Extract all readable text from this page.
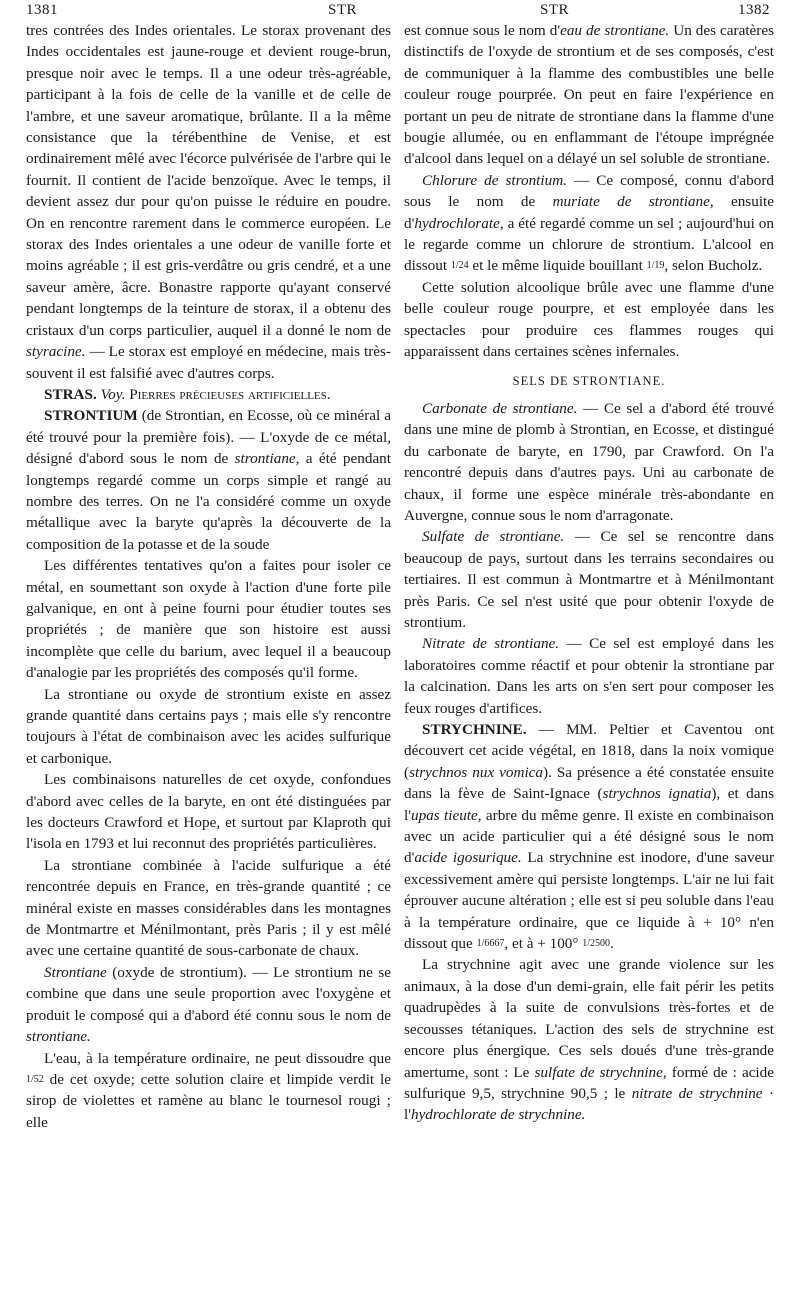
1381	STR	STR	1382

tres contrées des Indes orientales. Le storax provenant des Indes occidentales est jaune-rouge et devient rouge-brun, presque noir avec le temps. Il a une odeur très-agréable, participant à la fois de celle de la vanille et de celle de l'ambre, et une saveur aromatique, brûlante. Il a la même consistance que la térébenthine de Venise, et est ordinairement mêlé avec l'écorce pulvérisée de l'arbre qui le fournit. Il contient de l'acide benzoïque. Avec le temps, il devient assez dur pour qu'on puisse le réduire en poudre. On en rencontre rarement dans le commerce européen. Le storax des Indes orientales a une odeur de vanille forte et moins agréable ; il est gris-verdâtre ou gris cendré, et a une saveur amère, âcre. Bonastre rapporte qu'ayant conservé pendant longtemps de la teinture de storax, il a obtenu des cristaux d'un corps particulier, auquel il a donné le nom de styracine. — Le storax est employé en médecine, mais très-souvent il est falsifié avec d'autres corps.

STRAS. Voy. Pierres précieuses artificielles.

STRONTIUM (de Strontian, en Ecosse, où ce minéral a été trouvé pour la première fois). — L'oxyde de ce métal, désigné d'abord sous le nom de strontiane, a été pendant longtemps regardé comme un corps simple et rangé au nombre des terres. On ne l'a considéré comme un oxyde métallique avec la baryte qu'après la découverte de la composition de la potasse et de la soude

Les différentes tentatives qu'on a faites pour isoler ce métal, en soumettant son oxyde à l'action d'une forte pile galvanique, en ont à peine fourni pour étudier toutes ses propriétés ; de manière que son histoire est aussi incomplète que celle du barium, avec lequel il a beaucoup d'analogie par les propriétés des composés qu'il forme.

La strontiane ou oxyde de strontium existe en assez grande quantité dans certains pays ; mais elle s'y rencontre toujours à l'état de combinaison avec les acides sulfurique et carbonique.

Les combinaisons naturelles de cet oxyde, confondues d'abord avec celles de la baryte, en ont été distinguées par les docteurs Crawford et Hope, et surtout par Klaproth qui l'isola en 1793 et lui reconnut des propriétés particulières.

La strontiane combinée à l'acide sulfurique a été rencontrée depuis en France, en très-grande quantité ; ce minéral existe en masses considérables dans les montagnes de Montmartre et Ménilmontant, près Paris ; il y est mêlé avec une certaine quantité de sous-carbonate de chaux.

Strontiane (oxyde de strontium). — Le strontium ne se combine que dans une seule proportion avec l'oxygène et produit le composé qui a d'abord été connu sous le nom de strontiane.

L'eau, à la température ordinaire, ne peut dissoudre que 1/52 de cet oxyde; cette solution claire et limpide verdit le sirop de violettes et ramène au blanc le tournesol rougi ; elle

est connue sous le nom d'eau de strontiane. Un des caratères distinctifs de l'oxyde de strontium et de ses composés, c'est de communiquer à la flamme des combustibles une belle couleur rouge pourprée. On peut en faire l'expérience en portant un peu de nitrate de strontiane dans la flamme d'une bougie allumée, ou en enflammant de l'étoupe imprégnée d'alcool dans lequel on a délayé un sel soluble de strontiane.

Chlorure de strontium. — Ce composé, connu d'abord sous le nom de muriate de strontiane, ensuite d'hydrochlorate, a été regardé comme un sel ; aujourd'hui on le regarde comme un chlorure de strontium. L'alcool en dissout 1/24 et le même liquide bouillant 1/19, selon Bucholz.

Cette solution alcoolique brûle avec une flamme d'une belle couleur rouge pourpre, et est employée dans les spectacles pour produire ces flammes rouges qui apparaissent dans certaines scènes infernales.

SELS DE STRONTIANE.

Carbonate de strontiane. — Ce sel a d'abord été trouvé dans une mine de plomb à Strontian, en Ecosse, et distingué du carbonate de baryte, en 1790, par Crawford. On l'a rencontré depuis dans d'autres pays. Uni au carbonate de chaux, il forme une espèce minérale très-abondante en Auvergne, connue sous le nom d'arragonate.

Sulfate de strontiane. — Ce sel se rencontre dans beaucoup de pays, surtout dans les terrains secondaires ou tertiaires. Il est commun à Montmartre et à Ménilmontant près Paris. Ce sel n'est usité que pour obtenir l'oxyde de strontium.

Nitrate de strontiane. — Ce sel est employé dans les laboratoires comme réactif et pour obtenir la strontiane par la calcination. Dans les arts on s'en sert pour composer les feux rouges d'artifices.

STRYCHNINE. — MM. Peltier et Caventou ont découvert cet acide végétal, en 1818, dans la noix vomique (strychnos nux vomica). Sa présence a été constatée ensuite dans la fève de Saint-Ignace (strychnos ignatia), et dans l'upas tieute, arbre du même genre. Il existe en combinaison avec un acide particulier qui a été désigné sous le nom d'acide igosurique. La strychnine est inodore, d'une saveur excessivement amère qui persiste longtemps. L'air ne lui fait éprouver aucune altération ; elle est si peu soluble dans l'eau à la température ordinaire, que ce liquide à + 10° n'en dissout que 1/6667, et à + 100° 1/2500.

La strychnine agit avec une grande violence sur les animaux, à la dose d'un demi-grain, elle fait périr les petits quadrupèdes à la suite de convulsions très-fortes et de secousses tétaniques. L'action des sels de strychnine est encore plus énergique. Ces sels doués d'une très-grande amertume, sont : Le sulfate de strychnine, formé de : acide sulfurique 9,5, strychnine 90,5 ; le nitrate de strychnine · l'hydrochlorate de strychnine.
